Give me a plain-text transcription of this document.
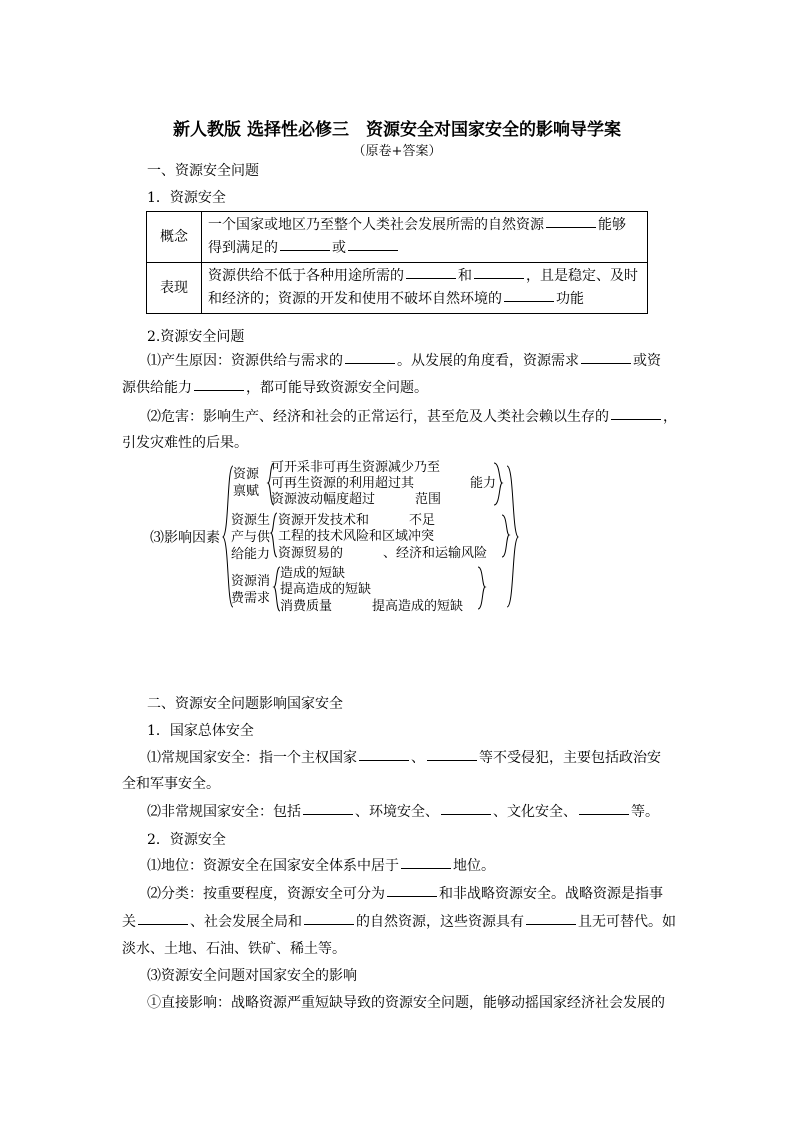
新人教版 选择性必修三　资源安全对国家安全的影响导学案
（原卷+答案）
一、资源安全问题
1．资源安全
概念	一个国家或地区乃至整个人类社会发展所需的自然资源 能够
得到满足的 或
表现	资源供给不低于各种用途所需的 和 ，且是稳定、及时
和经济的；资源的开发和使用不破坏自然环境的 功能
2.资源安全问题
⑴产生原因：资源供给与需求的	。从发展的角度看，资源需求	或资
源供给能力	，都可能导致资源安全问题。
⑵危害：影响生产、经济和社会的正常运行，甚至危及人类社会赖以生存的	，
引发灾难性的后果。
⑶影响因素
资源
禀赋
可开采非可再生资源减少乃至
可再生资源的利用超过其	能力
资源波动幅度超过	范围
资源生
产与供
给能力
资源开发技术和	不足
工程的技术风险和区域冲突
资源贸易的	、经济和运输风险
资源消
费需求
造成的短缺
提高造成的短缺
消费质量	提高造成的短缺
二、资源安全问题影响国家安全
1．国家总体安全
⑴常规国家安全：指一个主权国家	、	等不受侵犯，主要包括政治安
全和军事安全。
⑵非常规国家安全：包括	、环境安全、	、文化安全、	等。
2．资源安全
⑴地位：资源安全在国家安全体系中居于	地位。
⑵分类：按重要程度，资源安全可分为	和非战略资源安全。战略资源是指事
关	、社会发展全局和	的自然资源，这些资源具有	且无可替代。如
淡水、土地、石油、铁矿、稀土等。
⑶资源安全问题对国家安全的影响
①直接影响：战略资源严重短缺导致的资源安全问题，能够动摇国家经济社会发展的
